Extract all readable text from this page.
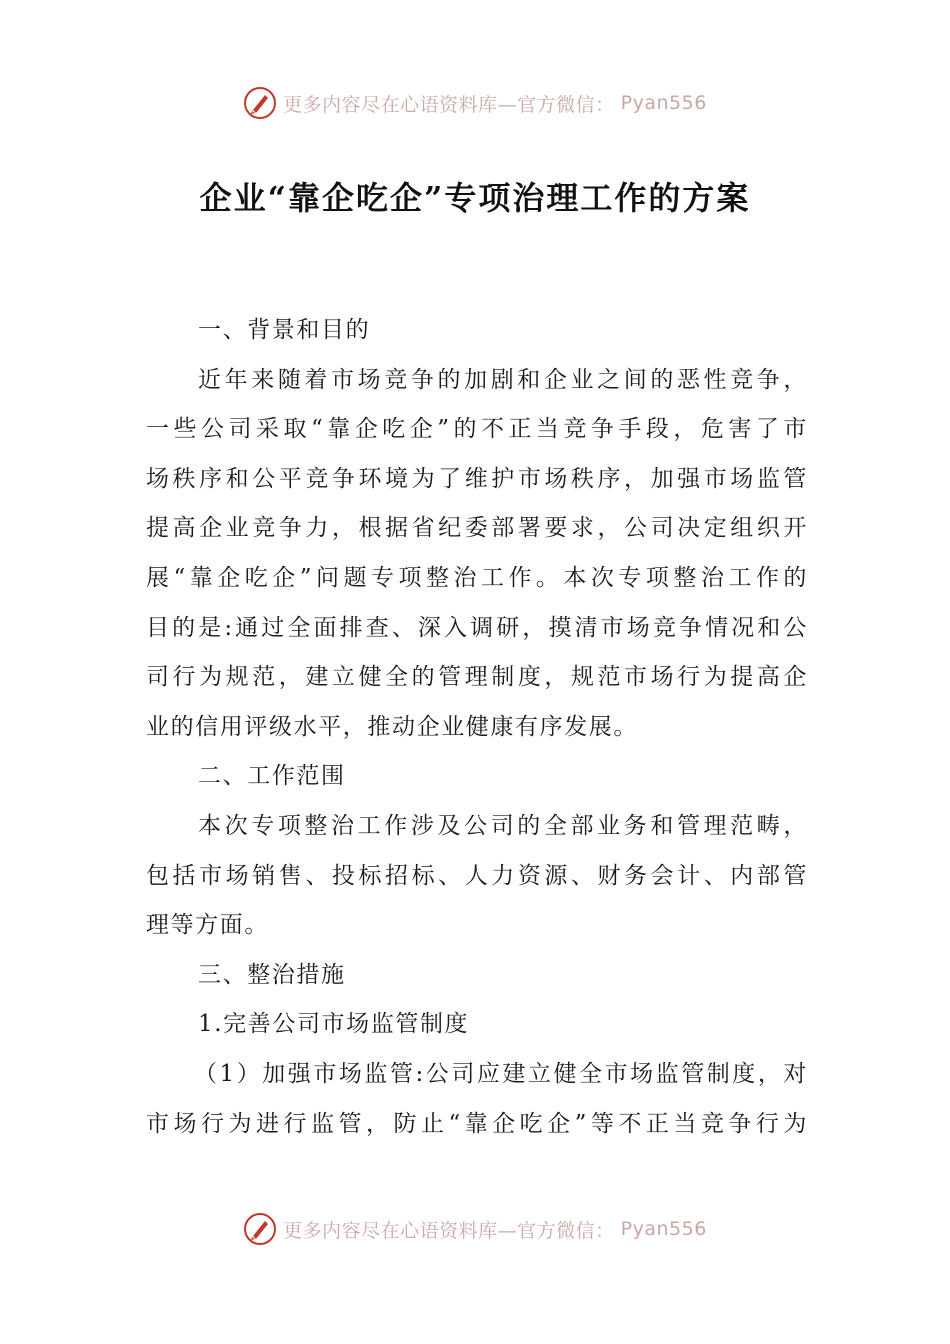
更多内容尽在心语资料库—官方微信： Pyan556
企业“靠企吃企”专项治理工作的方案
一、背景和目的
近年来随着市场竞争的加剧和企业之间的恶性竞争，
一些公司采取“靠企吃企”的不正当竞争手段，危害了市
场秩序和公平竞争环境为了维护市场秩序，加强市场监管
提高企业竞争力，根据省纪委部署要求，公司决定组织开
展“靠企吃企”问题专项整治工作。本次专项整治工作的
目的是:通过全面排查、深入调研，摸清市场竞争情况和公
司行为规范，建立健全的管理制度，规范市场行为提高企
业的信用评级水平，推动企业健康有序发展。
二、工作范围
本次专项整治工作涉及公司的全部业务和管理范畴，
包括市场销售、投标招标、人力资源、财务会计、内部管
理等方面。
三、整治措施
1.完善公司市场监管制度
（1）加强市场监管:公司应建立健全市场监管制度，对
市场行为进行监管，防止“靠企吃企”等不正当竞争行为
更多内容尽在心语资料库—官方微信： Pyan556
